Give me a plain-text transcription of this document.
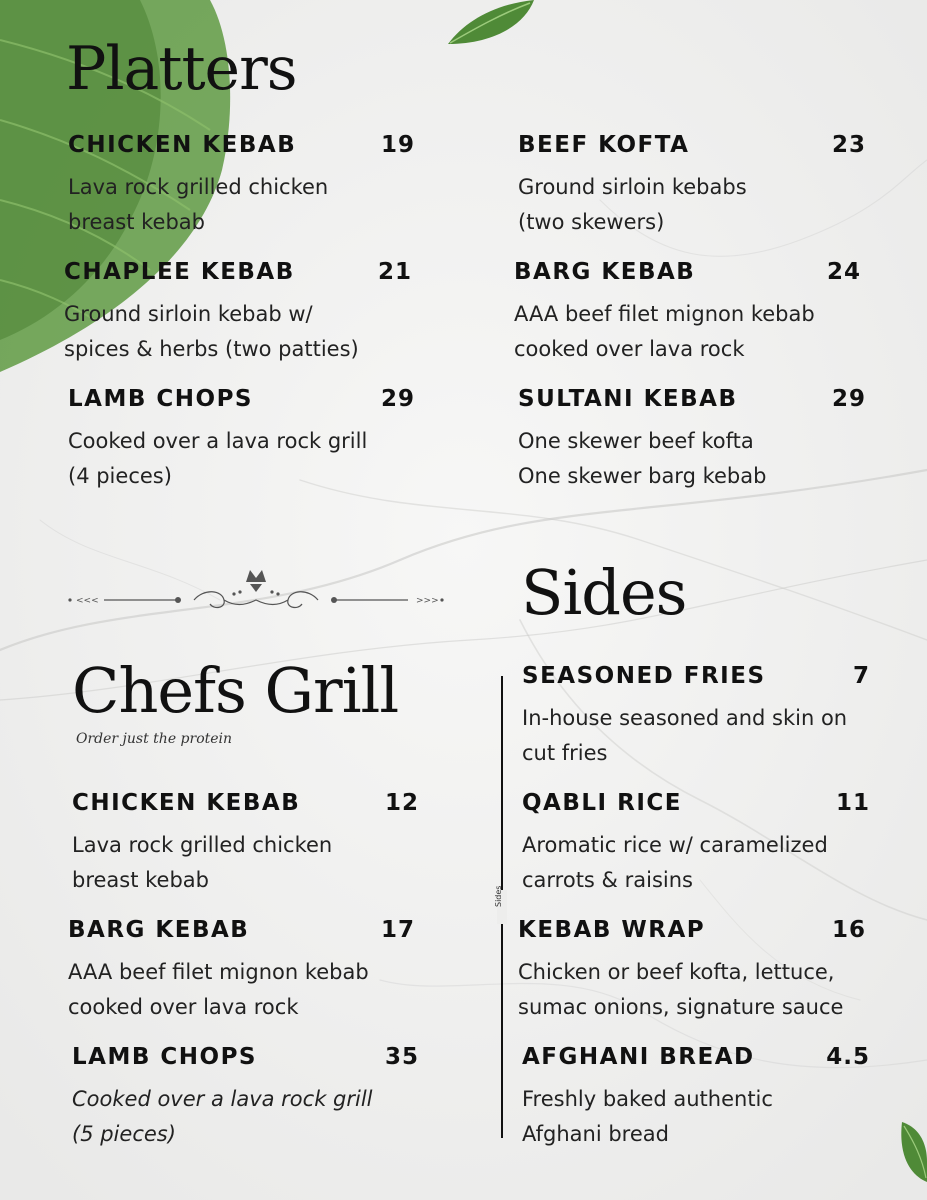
Platters
Chefs Grill
Order just the protein
Sides
CHICKEN KEBAB	19
Lava rock grilled chicken
breast kebab
BEEF KOFTA	23
Ground sirloin kebabs
(two skewers)
CHAPLEE KEBAB	21
Ground sirloin kebab w/
spices & herbs (two patties)
BARG KEBAB	24
AAA beef filet mignon kebab
cooked over lava rock
LAMB CHOPS	29
Cooked over a lava rock grill
(4 pieces)
SULTANI KEBAB	29
One skewer beef kofta
One skewer barg kebab
<<<	>>>
CHICKEN KEBAB	12
Lava rock grilled chicken
breast kebab
BARG KEBAB	17
AAA beef filet mignon kebab
cooked over lava rock
LAMB CHOPS	35
Cooked over a lava rock grill
(5 pieces)
Sides
SEASONED FRIES	7
In-house seasoned and skin on
cut fries
QABLI RICE	11
Aromatic rice w/ caramelized
carrots & raisins
KEBAB WRAP	16
Chicken or beef kofta, lettuce,
sumac onions, signature sauce
AFGHANI BREAD	4.5
Freshly baked authentic
Afghani bread
